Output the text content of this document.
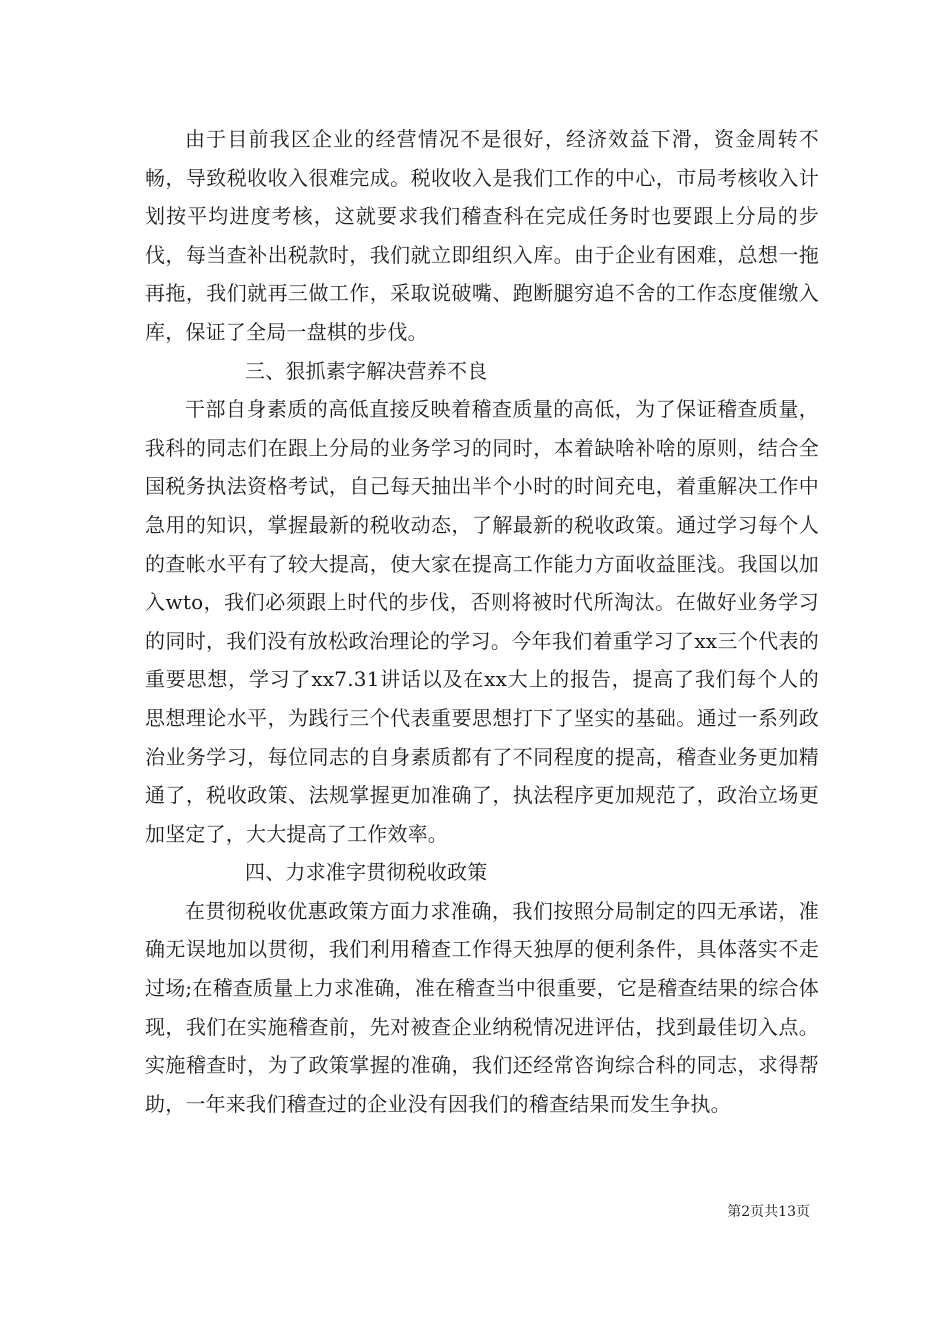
由于目前我区企业的经营情况不是很好，经济效益下滑，资金周转不畅，导致税收收入很难完成。税收收入是我们工作的中心，市局考核收入计划按平均进度考核，这就要求我们稽查科在完成任务时也要跟上分局的步伐，每当查补出税款时，我们就立即组织入库。由于企业有困难，总想一拖再拖，我们就再三做工作，采取说破嘴、跑断腿穷追不舍的工作态度催缴入库，保证了全局一盘棋的步伐。

三、狠抓素字解决营养不良

干部自身素质的高低直接反映着稽查质量的高低，为了保证稽查质量，我科的同志们在跟上分局的业务学习的同时，本着缺啥补啥的原则，结合全国税务执法资格考试，自己每天抽出半个小时的时间充电，着重解决工作中急用的知识，掌握最新的税收动态，了解最新的税收政策。通过学习每个人的查帐水平有了较大提高，使大家在提高工作能力方面收益匪浅。我国以加入wto，我们必须跟上时代的步伐，否则将被时代所淘汰。在做好业务学习的同时，我们没有放松政治理论的学习。今年我们着重学习了xx三个代表的重要思想，学习了xx7.31讲话以及在xx大上的报告，提高了我们每个人的思想理论水平，为践行三个代表重要思想打下了坚实的基础。通过一系列政治业务学习，每位同志的自身素质都有了不同程度的提高，稽查业务更加精通了，税收政策、法规掌握更加准确了，执法程序更加规范了，政治立场更加坚定了，大大提高了工作效率。

四、力求准字贯彻税收政策

在贯彻税收优惠政策方面力求准确，我们按照分局制定的四无承诺，准确无误地加以贯彻，我们利用稽查工作得天独厚的便利条件，具体落实不走过场;在稽查质量上力求准确，准在稽查当中很重要，它是稽查结果的综合体现，我们在实施稽查前，先对被查企业纳税情况进评估，找到最佳切入点。实施稽查时，为了政策掌握的准确，我们还经常咨询综合科的同志，求得帮助，一年来我们稽查过的企业没有因我们的稽查结果而发生争执。

第2页共13页
